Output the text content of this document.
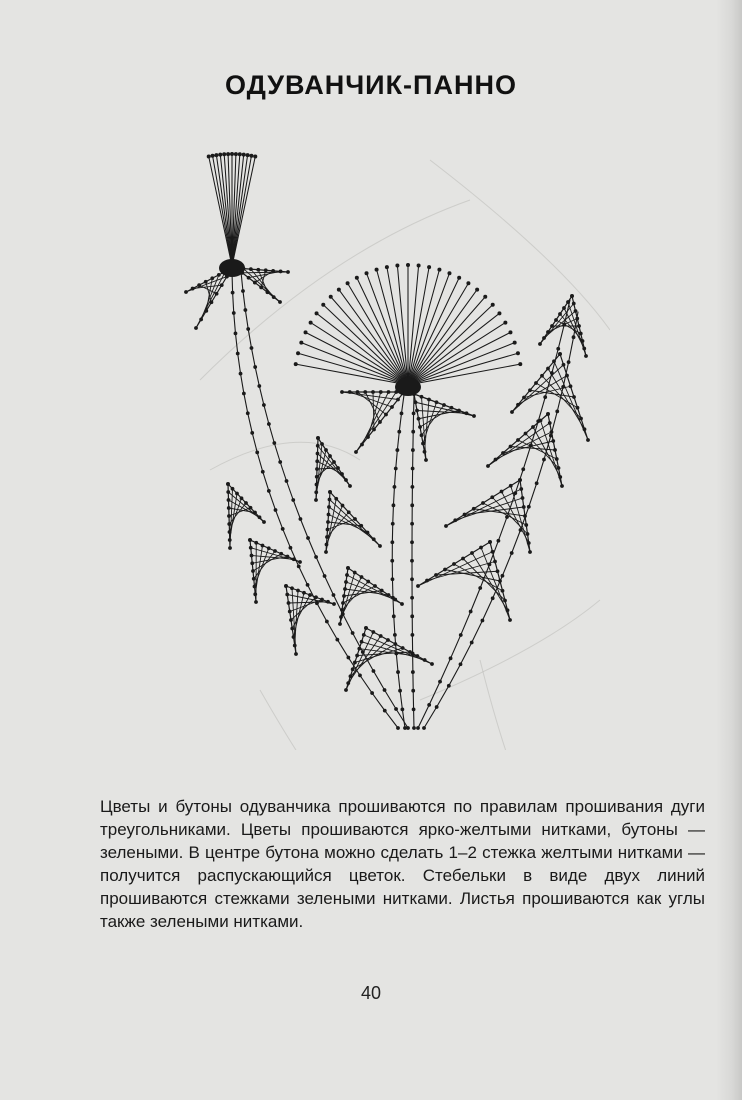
ОДУВАНЧИК-ПАННО
Цветы и бутоны одуванчика прошиваются по правилам прошивания дуги треугольниками. Цветы прошиваются ярко-желтыми нитками, бутоны — зелеными. В центре бутона можно сделать 1–2 стежка желтыми нитками — получится распускающийся цветок. Стебельки в виде двух линий прошиваются стежками зелеными нитками. Листья прошиваются как углы также зелеными нитками.
40
